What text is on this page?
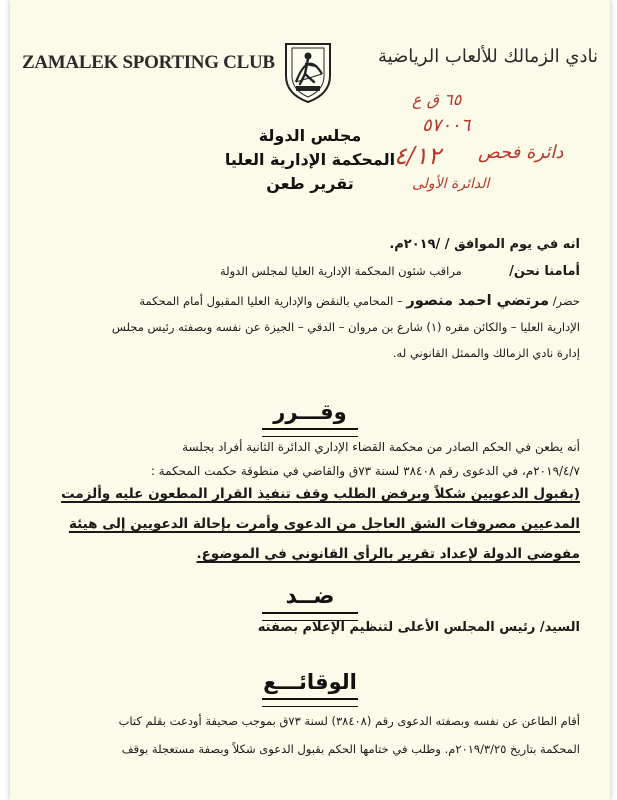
ZAMALEK SPORTING CLUB	نادي الزمالك للألعاب الرياضية
مجلس الدولة
المحكمة الإدارية العليا
تقرير طعن
٦٥ ق ع
٥٧٠٠٦
٤/١٢ دائرة فحص
الدائرة الأولى
انه في يوم الموافق / /٢٠١٩م.
أمامنا نحن/  مراقب شئون المحكمة الإدارية العليا لمجلس الدولة
حضر/ مرتضي احمد منصور – المحامي بالنقض والإدارية العليا المقبول أمام المحكمة
الإدارية العليا – والكائن مقره (١) شارع بن مروان – الدقي – الجيزة عن نفسه وبصفته رئيس مجلس
إدارة نادي الزمالك والممثل القانوني له.
وقـــرر
أنه يطعن في الحكم الصادر من محكمة القضاء الإداري الدائرة الثانية أفراد بجلسة
٢٠١٩/٤/٧م، في الدعوى رقم ٣٨٤٠٨ لسنة ٧٣ق والقاضي في منطوقة حكمت المحكمة :
(بقبول الدعويين شكلاً وبرفض الطلب وقف تنفيذ القرار المطعون عليه وألزمت
المدعيين مصروفات الشق العاجل من الدعوى وأمرت بإحالة الدعويين إلى هيئة
مفوضي الدولة لإعداد تقرير بالرأي القانوني في الموضوع.
ضــد
السيد/ رئيس المجلس الأعلى لتنظيم الإعلام بصفته
الوقائـــع
أقام الطاعن عن نفسه وبصفته الدعوى رقم (٣٨٤٠٨) لسنة ٧٣ق بموجب صحيفة أودعت بقلم كتاب
المحكمة بتاريخ ٢٠١٩/٣/٢٥م. وطلب في ختامها الحكم بقبول الدعوى شكلاً وبصفة مستعجلة بوقف
